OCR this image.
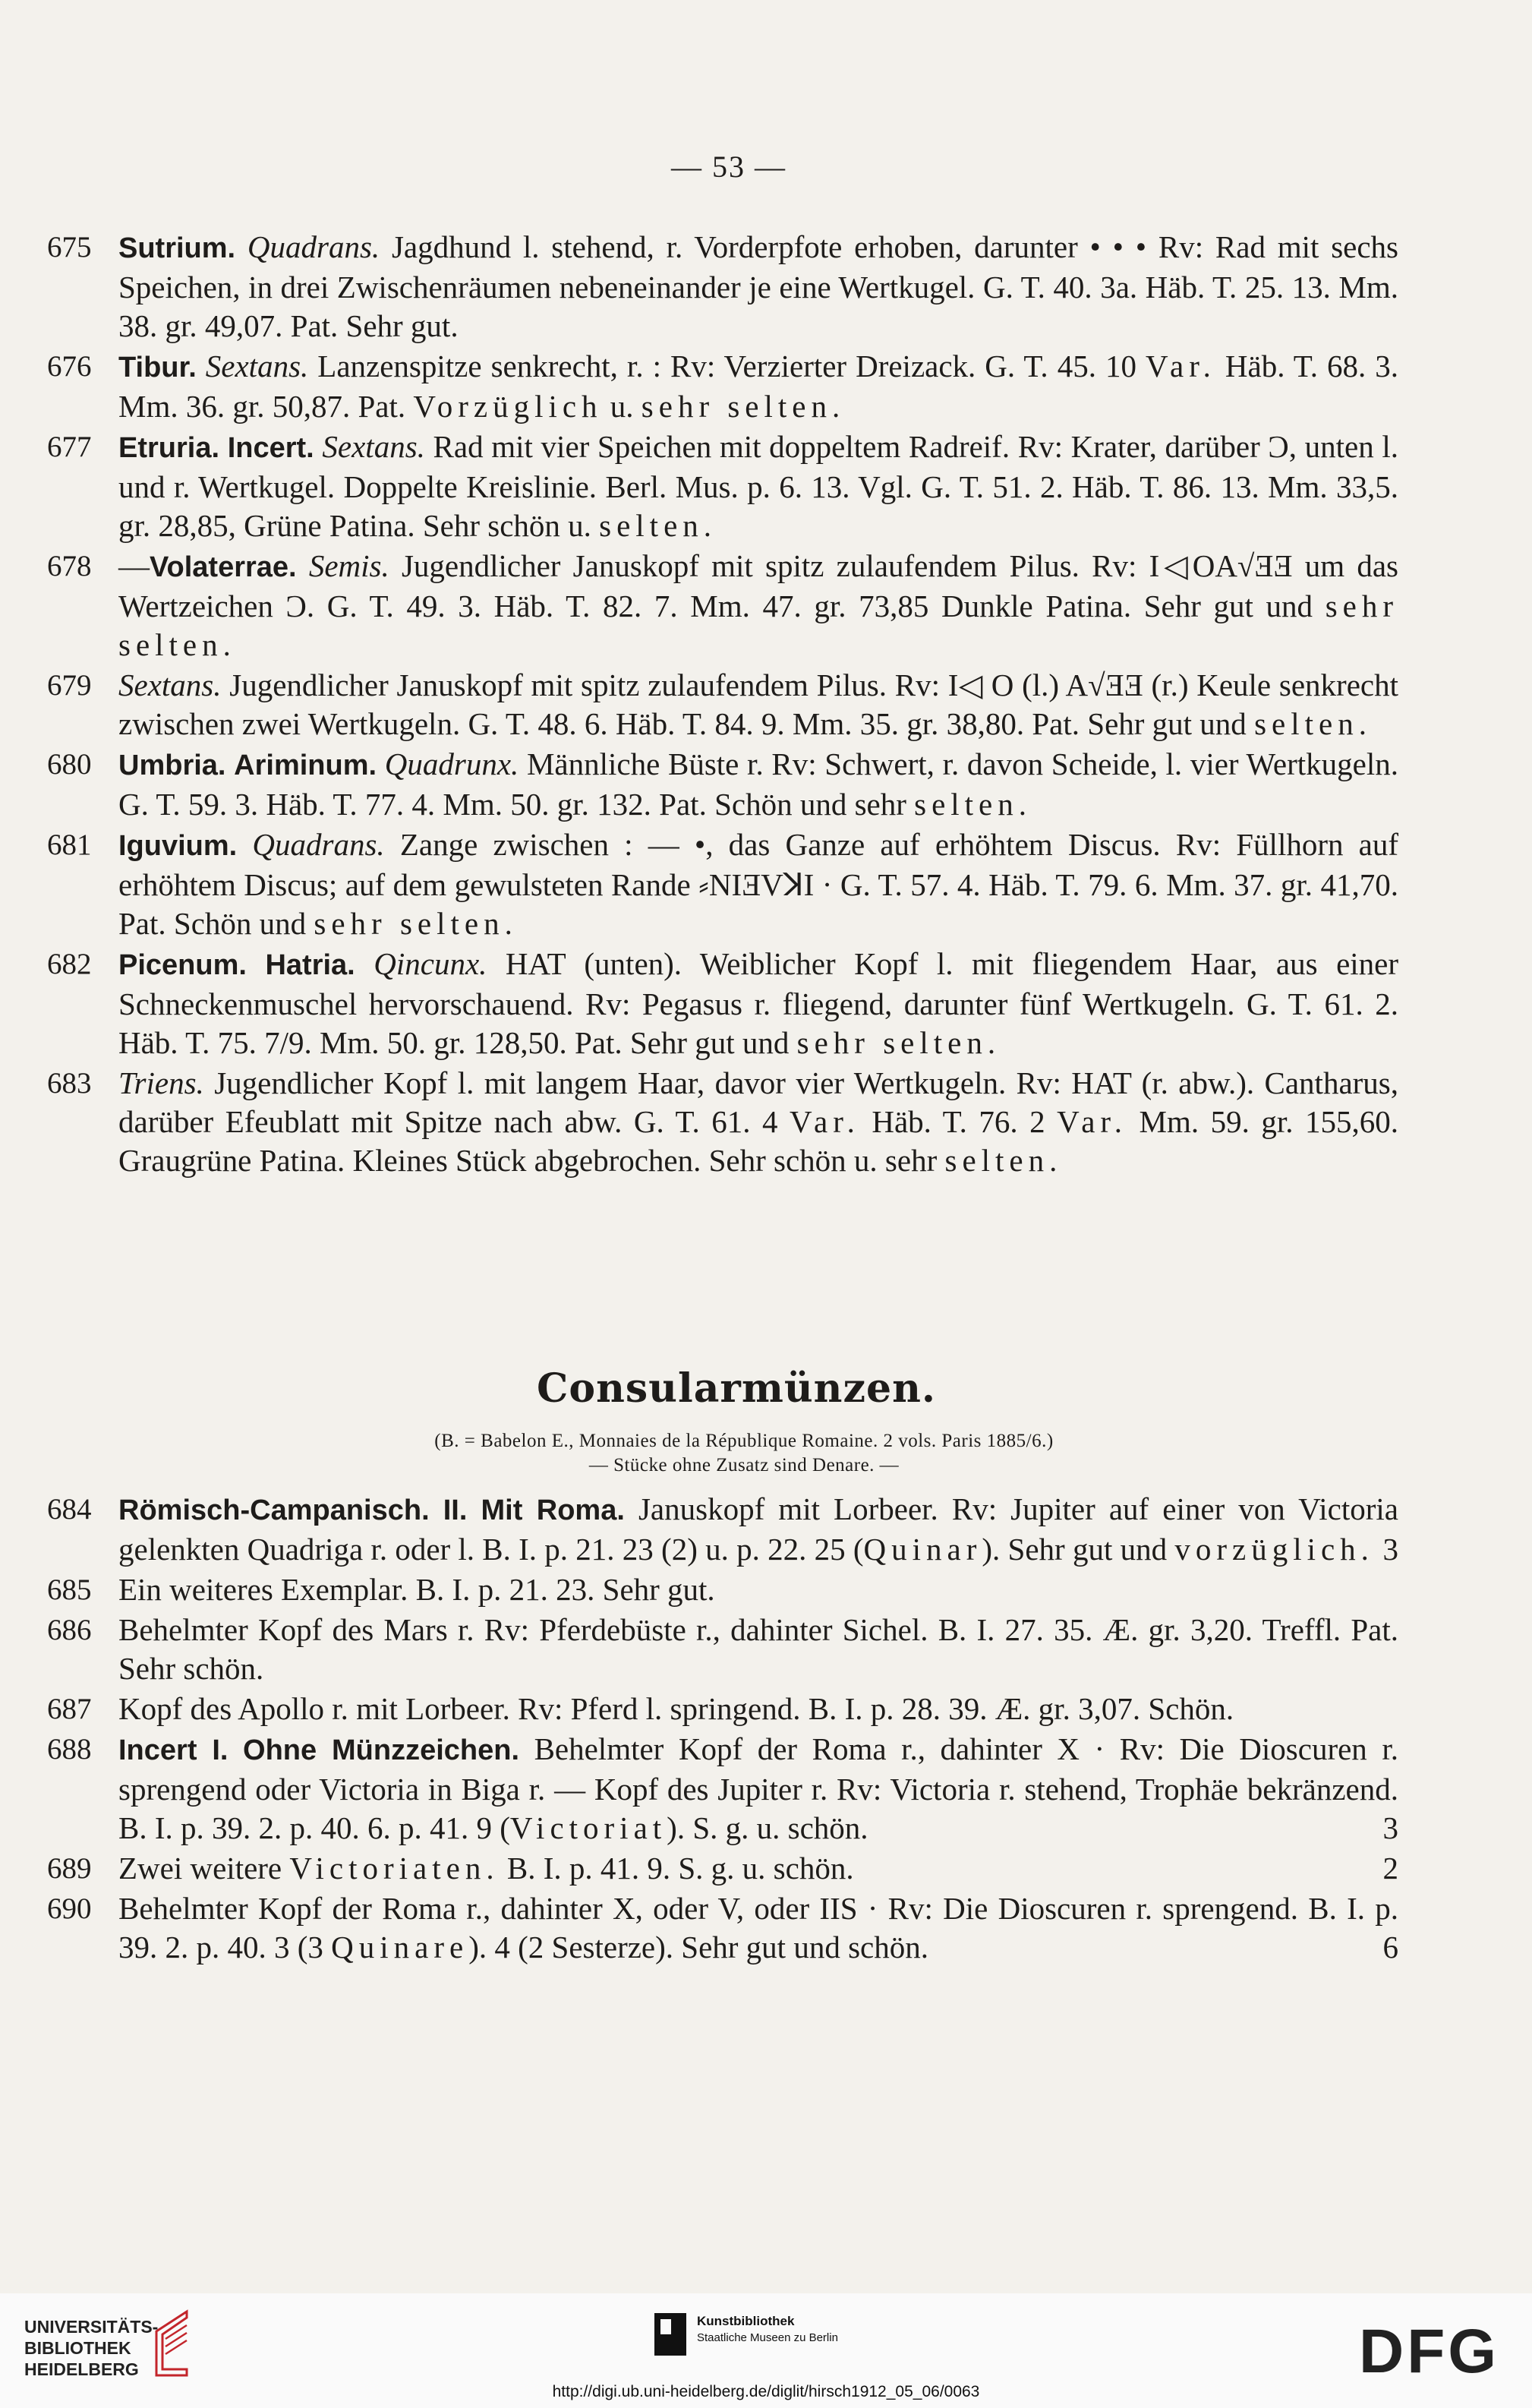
— 53 —
675 Sutrium. Quadrans. Jagdhund l. stehend, r. Vorderpfote erhoben, darunter • • • Rv: Rad mit sechs Speichen, in drei Zwischenräumen nebeneinander je eine Wertkugel. G. T. 40. 3a. Häb. T. 25. 13. Mm. 38. gr. 49,07. Pat. Sehr gut.
676 Tibur. Sextans. Lanzenspitze senkrecht, r. : Rv: Verzierter Dreizack. G. T. 45. 10 Var. Häb. T. 68. 3. Mm. 36. gr. 50,87. Pat. Vorzüglich u. sehr selten.
677 Etruria. Incert. Sextans. Rad mit vier Speichen mit doppeltem Radreif. Rv: Krater, darüber Ͻ, unten l. und r. Wertkugel. Doppelte Kreislinie. Berl. Mus. p. 6. 13. Vgl. G. T. 51. 2. Häb. T. 86. 13. Mm. 33,5. gr. 28,85, Grüne Patina. Sehr schön u. selten.
678 —Volaterrae. Semis. Jugendlicher Januskopf mit spitz zulaufendem Pilus. Rv: I◁OA√ƎƎ um das Wertzeichen Ͻ. G. T. 49. 3. Häb. T. 82. 7. Mm. 47. gr. 73,85 Dunkle Patina. Sehr gut und sehr selten.
679 Sextans. Jugendlicher Januskopf mit spitz zulaufendem Pilus. Rv: I◁ O (l.) A√ƎƎ (r.) Keule senkrecht zwischen zwei Wertkugeln. G. T. 48. 6. Häb. T. 84. 9. Mm. 35. gr. 38,80. Pat. Sehr gut und selten.
680 Umbria. Ariminum. Quadrunx. Männliche Büste r. Rv: Schwert, r. davon Scheide, l. vier Wertkugeln. G. T. 59. 3. Häb. T. 77. 4. Mm. 50. gr. 132. Pat. Schön und sehr selten.
681 Iguvium. Quadrans. Zange zwischen : — •, das Ganze auf erhöhtem Discus. Rv: Füllhorn auf erhöhtem Discus; auf dem gewulsteten Rande ⸗NIƎVꓘI · G. T. 57. 4. Häb. T. 79. 6. Mm. 37. gr. 41,70. Pat. Schön und sehr selten.
682 Picenum. Hatria. Qincunx. HAT (unten). Weiblicher Kopf l. mit fliegendem Haar, aus einer Schneckenmuschel hervorschauend. Rv: Pegasus r. fliegend, darunter fünf Wertkugeln. G. T. 61. 2. Häb. T. 75. 7/9. Mm. 50. gr. 128,50. Pat. Sehr gut und sehr selten.
683 Triens. Jugendlicher Kopf l. mit langem Haar, davor vier Wertkugeln. Rv: HAT (r. abw.). Cantharus, darüber Efeublatt mit Spitze nach abw. G. T. 61. 4 Var. Häb. T. 76. 2 Var. Mm. 59. gr. 155,60. Graugrüne Patina. Kleines Stück abgebrochen. Sehr schön u. sehr selten.
Consularmünzen.
(B. = Babelon E., Monnaies de la République Romaine. 2 vols. Paris 1885/6.)
— Stücke ohne Zusatz sind Denare. —
684 Römisch-Campanisch. II. Mit Roma. Januskopf mit Lorbeer. Rv: Jupiter auf einer von Victoria gelenkten Quadriga r. oder l. B. I. p. 21. 23 (2) u. p. 22. 25 (Quinar). Sehr gut und vorzüglich. 3
685 Ein weiteres Exemplar. B. I. p. 21. 23. Sehr gut.
686 Behelmter Kopf des Mars r. Rv: Pferdebüste r., dahinter Sichel. B. I. 27. 35. Æ. gr. 3,20. Treffl. Pat. Sehr schön.
687 Kopf des Apollo r. mit Lorbeer. Rv: Pferd l. springend. B. I. p. 28. 39. Æ. gr. 3,07. Schön.
688 Incert I. Ohne Münzzeichen. Behelmter Kopf der Roma r., dahinter X · Rv: Die Dioscuren r. sprengend oder Victoria in Biga r. — Kopf des Jupiter r. Rv: Victoria r. stehend, Trophäe bekränzend. B. I. p. 39. 2. p. 40. 6. p. 41. 9 (Victoriat). S. g. u. schön.	3
689 Zwei weitere Victoriaten. B. I. p. 41. 9. S. g. u. schön.	2
690 Behelmter Kopf der Roma r., dahinter X, oder V, oder IIS · Rv: Die Dioscuren r. sprengend. B. I. p. 39. 2. p. 40. 3 (3 Quinare). 4 (2 Sesterze). Sehr gut und schön.	6
UNIVERSITÄTS-
BIBLIOTHEK
HEIDELBERG
Kunstbibliothek
Staatliche Museen zu Berlin	DFG
http://digi.ub.uni-heidelberg.de/diglit/hirsch1912_05_06/0063
